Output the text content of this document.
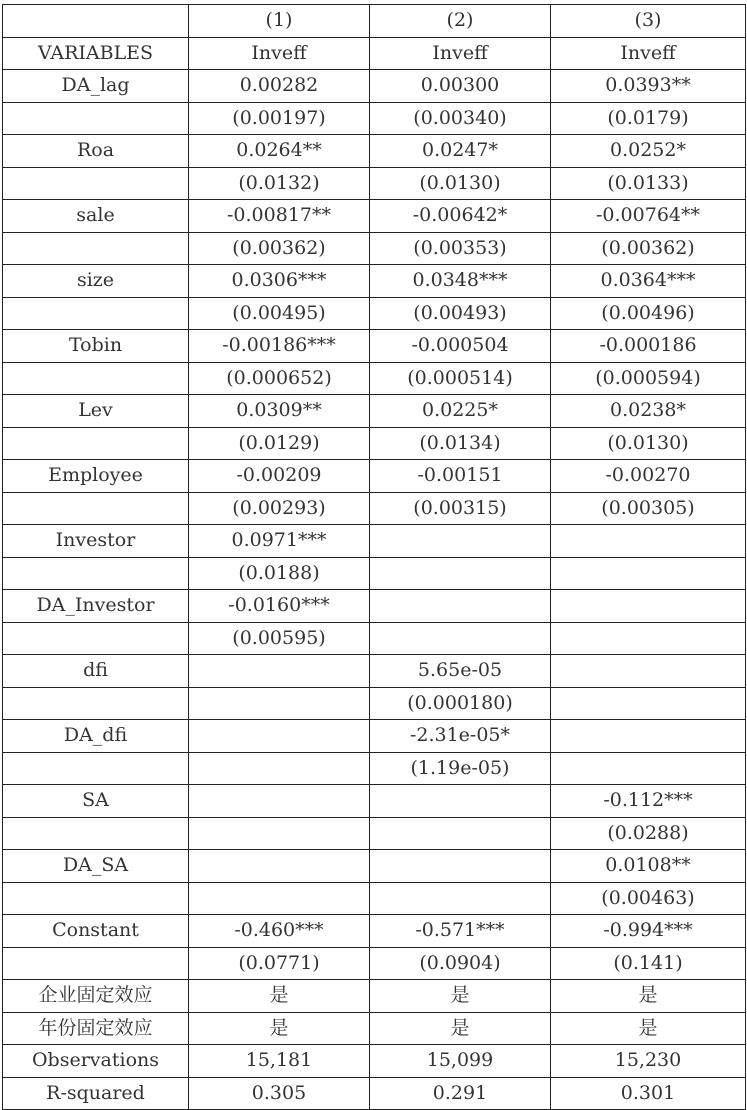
	(1)	(2)	(3)
VARIABLES	Inveff	Inveff	Inveff
DA_lag	0.00282	0.00300	0.0393**
	(0.00197)	(0.00340)	(0.0179)
Roa	0.0264**	0.0247*	0.0252*
	(0.0132)	(0.0130)	(0.0133)
sale	-0.00817**	-0.00642*	-0.00764**
	(0.00362)	(0.00353)	(0.00362)
size	0.0306***	0.0348***	0.0364***
	(0.00495)	(0.00493)	(0.00496)
Tobin	-0.00186***	-0.000504	-0.000186
	(0.000652)	(0.000514)	(0.000594)
Lev	0.0309**	0.0225*	0.0238*
	(0.0129)	(0.0134)	(0.0130)
Employee	-0.00209	-0.00151	-0.00270
	(0.00293)	(0.00315)	(0.00305)
Investor	0.0971***		
	(0.0188)		
DA_Investor	-0.0160***		
	(0.00595)		
dfi		5.65e-05	
		(0.000180)	
DA_dfi		-2.31e-05*	
		(1.19e-05)	
SA			-0.112***
			(0.0288)
DA_SA			0.0108**
			(0.00463)
Constant	-0.460***	-0.571***	-0.994***
	(0.0771)	(0.0904)	(0.141)
企业固定效应	是	是	是
年份固定效应	是	是	是
Observations	15,181	15,099	15,230
R-squared	0.305	0.291	0.301
